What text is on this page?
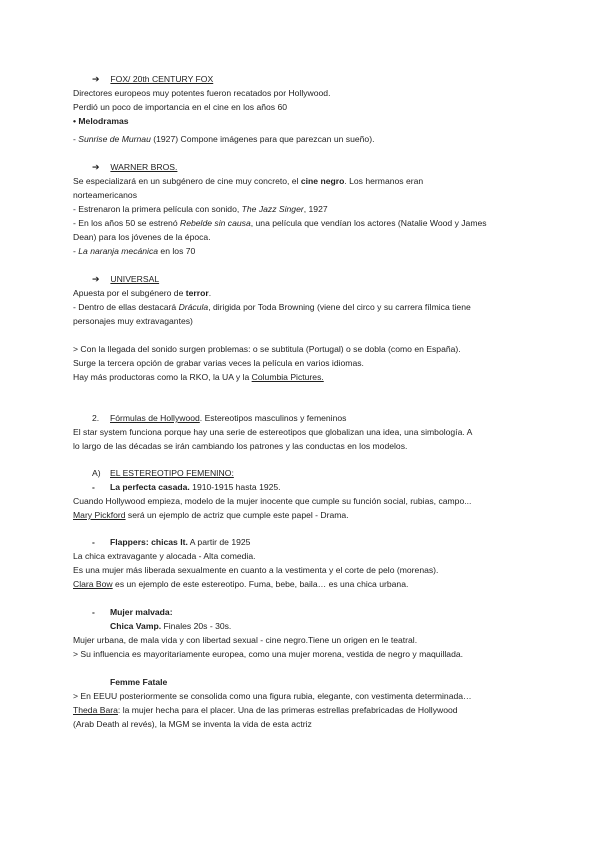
➔ FOX/ 20th CENTURY FOX
Directores europeos muy potentes fueron recatados por Hollywood.
Perdió un poco de importancia en el cine en los años 60
• Melodramas
- Sunrise de Murnau (1927) Compone imágenes para que parezcan un sueño).
➔ WARNER BROS.
Se especializará en un subgénero de cine muy concreto, el cine negro. Los hermanos eran
norteamericanos
- Estrenaron la primera película con sonido, The Jazz Singer, 1927
- En los años 50 se estrenó Rebelde sin causa, una película que vendían los actores (Natalie Wood y James
Dean) para los jóvenes de la época.
- La naranja mecánica en los 70
➔ UNIVERSAL
Apuesta por el subgénero de terror.
- Dentro de ellas destacará Drácula, dirigida por Toda Browning (viene del circo y su carrera fílmica tiene
personajes muy extravagantes)
> Con la llegada del sonido surgen problemas: o se subtitula (Portugal) o se dobla (como en España).
Surge la tercera opción de grabar varias veces la película en varios idiomas.
Hay más productoras como la RKO, la UA y la Columbia Pictures.
2. Fórmulas de Hollywood. Estereotipos masculinos y femeninos
El star system funciona porque hay una serie de estereotipos que globalizan una idea, una simbología. A
lo largo de las décadas se irán cambiando los patrones y las conductas en los modelos.
A) EL ESTEREOTIPO FEMENINO:
- La perfecta casada. 1910-1915 hasta 1925.
Cuando Hollywood empieza, modelo de la mujer inocente que cumple su función social, rubias, campo...
Mary Pickford será un ejemplo de actriz que cumple este papel - Drama.
- Flappers: chicas It. A partir de 1925
La chica extravagante y alocada - Alta comedia.
Es una mujer más liberada sexualmente en cuanto a la vestimenta y el corte de pelo (morenas).
Clara Bow es un ejemplo de este estereotipo. Fuma, bebe, baila… es una chica urbana.
- Mujer malvada:
Chica Vamp. Finales 20s - 30s.
Mujer urbana, de mala vida y con libertad sexual - cine negro.Tiene un origen en le teatral.
> Su influencia es mayoritariamente europea, como una mujer morena, vestida de negro y maquillada.
Femme Fatale
> En EEUU posteriormente se consolida como una figura rubia, elegante, con vestimenta determinada…
Theda Bara: la mujer hecha para el placer. Una de las primeras estrellas prefabricadas de Hollywood
(Arab Death al revés), la MGM se inventa la vida de esta actriz
